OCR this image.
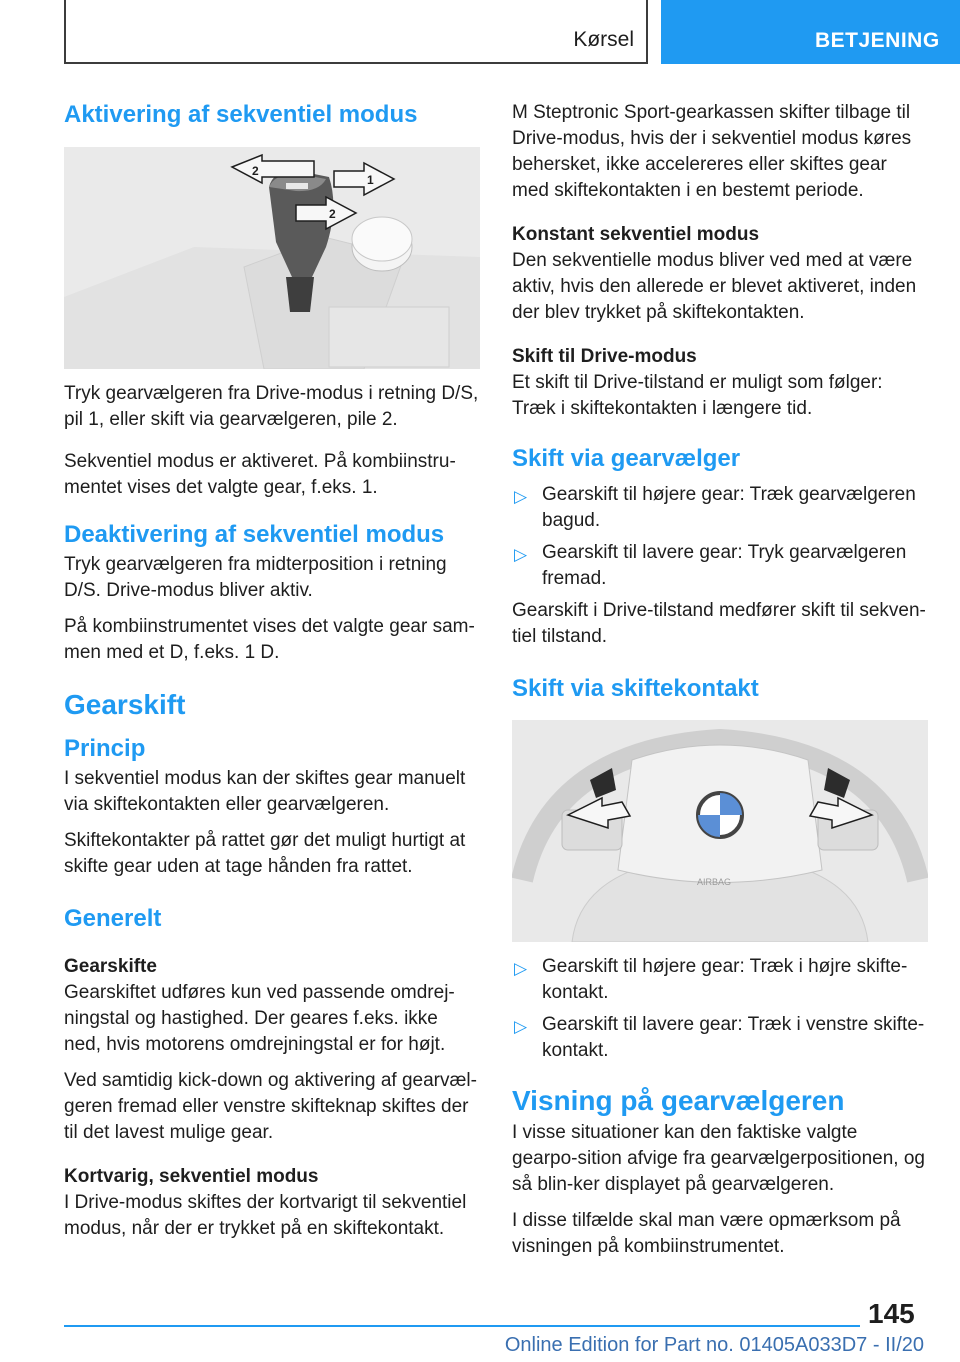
Kørsel	BETJENING
Aktivering af sekventiel modus
2
1
2
Tryk gearvælgeren fra Drive-modus i retning D/S, pil 1, eller skift via gearvælgeren, pile 2.
Sekventiel modus er aktiveret. På kombiinstru-mentet vises det valgte gear, f.eks. 1.
Deaktivering af sekventiel modus
Tryk gearvælgeren fra midterposition i retning D/S. Drive-modus bliver aktiv.
På kombiinstrumentet vises det valgte gear sam-men med et D, f.eks. 1 D.
Gearskift
Princip
I sekventiel modus kan der skiftes gear manuelt via skiftekontakten eller gearvælgeren.
Skiftekontakter på rattet gør det muligt hurtigt at skifte gear uden at tage hånden fra rattet.
Generelt
Gearskifte
Gearskiftet udføres kun ved passende omdrej-ningstal og hastighed. Der geares f.eks. ikke ned, hvis motorens omdrejningstal er for højt.
Ved samtidig kick-down og aktivering af gearvæl-geren fremad eller venstre skifteknap skiftes der til det lavest mulige gear.
Kortvarig, sekventiel modus
I Drive-modus skiftes der kortvarigt til sekventiel modus, når der er trykket på en skiftekontakt.
M Steptronic Sport-gearkassen skifter tilbage til Drive-modus, hvis der i sekventiel modus køres behersket, ikke accelereres eller skiftes gear med skiftekontakten i en bestemt periode.
Konstant sekventiel modus
Den sekventielle modus bliver ved med at være aktiv, hvis den allerede er blevet aktiveret, inden der blev trykket på skiftekontakten.
Skift til Drive-modus
Et skift til Drive-tilstand er muligt som følger: Træk i skiftekontakten i længere tid.
Skift via gearvælger
▷ Gearskift til højere gear: Træk gearvælgeren bagud.
▷ Gearskift til lavere gear: Tryk gearvælgeren fremad.
Gearskift i Drive-tilstand medfører skift til sekven-tiel tilstand.
Skift via skiftekontakt
AIRBAG
▷ Gearskift til højere gear: Træk i højre skifte-kontakt.
▷ Gearskift til lavere gear: Træk i venstre skifte-kontakt.
Visning på gearvælgeren
I visse situationer kan den faktiske valgte gearpo-sition afvige fra gearvælgerpositionen, og så blin-ker displayet på gearvælgeren.
I disse tilfælde skal man være opmærksom på visningen på kombiinstrumentet.
145
Online Edition for Part no. 01405A033D7 - II/20
